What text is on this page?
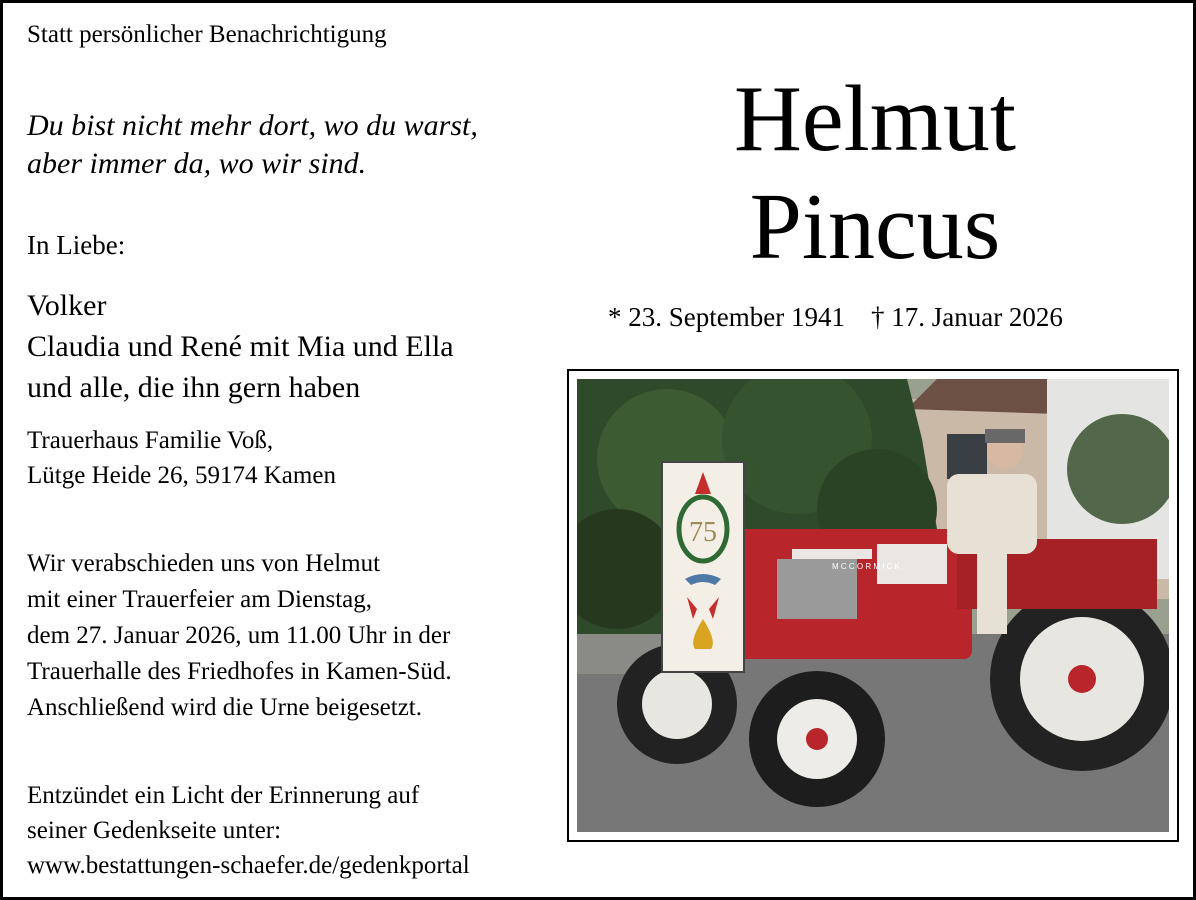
Statt persönlicher Benachrichtigung

Du bist nicht mehr dort, wo du warst,
aber immer da, wo wir sind.

In Liebe:

Volker
Claudia und René mit Mia und Ella
und alle, die ihn gern haben

Trauerhaus Familie Voß,
Lütge Heide 26, 59174 Kamen

Wir verabschieden uns von Helmut
mit einer Trauerfeier am Dienstag,
dem 27. Januar 2026, um 11.00 Uhr in der
Trauerhalle des Friedhofes in Kamen-Süd.
Anschließend wird die Urne beigesetzt.

Entzündet ein Licht der Erinnerung auf
seiner Gedenkseite unter:
www.bestattungen-schaefer.de/gedenkportal

Helmut

Pincus

* 23. September 1941 † 17. Januar 2026

75
M C C O R M I C K
